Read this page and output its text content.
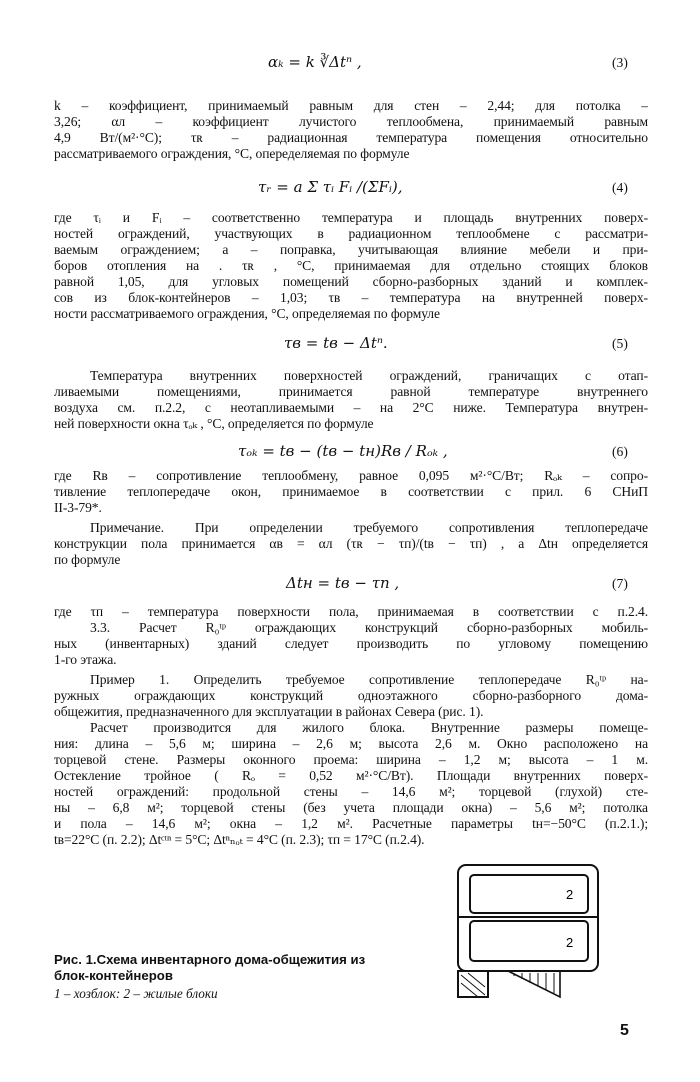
αₖ = k ∛Δtⁿ ,	(3)
k – коэффициент, принимаемый равным для стен – 2,44; для потолка –
3,26; αл – коэффициент лучистого теплообмена, принимаемый равным
4,9 Вт/(м²·°С); τʀ – радиационная температура помещения относительно
рассматриваемого ограждения, °С, опеределяемая по формуле
τᵣ = a Σ τᵢ Fᵢ /(ΣFᵢ),	(4)
где τᵢ и Fᵢ – соответственно температура и площадь внутренних поверх-
ностей ограждений, участвующих в радиационном теплообмене с рассматри-
ваемым ограждением; a – поправка, учитывающая влияние мебели и при-
боров отопления на . τʀ , °С, принимаемая для отдельно стоящих блоков
равной 1,05, для угловых помещений сборно-разборных зданий и комплек-
сов из блок-контейнеров – 1,03; τв – температура на внутренней поверх-
ности рассматриваемого ограждения, °С, определяемая по формуле
τв = tв − Δtⁿ.	(5)
Температура внутренних поверхностей ограждений, граничащих с отап-
ливаемыми помещениями, принимается равной температуре внутреннего
воздуха см. п.2.2, с неотапливаемыми – на 2°С ниже. Температура внутрен-
ней поверхности окна τₒₖ , °С, определяется по формуле
τₒₖ = tв − (tв − tн)Rв / Rₒₖ ,	(6)
где Rв – сопротивление теплообмену, равное 0,095 м²·°С/Вт; Rₒₖ – сопро-
тивление теплопередаче окон, принимаемое в соответствии с прил. 6 СНиП
II-3-79*.
Примечание. При определении требуемого сопротивления теплопередаче
конструкции пола принимается αв = αл (τʀ − τп)/(tв − τп) , а Δtн определяется
по формуле
Δtн = tв − τп ,	(7)
где τп – температура поверхности пола, принимаемая в соответствии с п.2.4.
3.3. Расчет R₀ᵗᵖ ограждающих конструкций сборно-разборных мобиль-
ных (инвентарных) зданий следует производить по угловому помещению
1-го этажа.
Пример 1. Определить требуемое сопротивление теплопередаче R₀ᵗᵖ на-
ружных ограждающих конструкций одноэтажного сборно-разборного дома-
общежития, предназначенного для эксплуатации в районах Севера (рис. 1).
Расчет производится для жилого блока. Внутренние размеры помеще-
ния: длина – 5,6 м; ширина – 2,6 м; высота 2,6 м. Окно расположено на
торцевой стене. Размеры оконного проема: ширина – 1,2 м; высота – 1 м.
Остекление тройное ( Rₒ = 0,52 м²·°С/Вт). Площади внутренних поверх-
ностей ограждений: продольной стены – 14,6 м²; торцевой (глухой) сте-
ны – 6,8 м²; торцевой стены (без учета площади окна) – 5,6 м²; потолка
и пола – 14,6 м²; окна – 1,2 м². Расчетные параметры tн=−50°С (п.2.1.);
tв=22°С (п. 2.2); Δtᶜᵗⁿ = 5°С; Δtⁿₙₒₜ = 4°С (п. 2.3); τп = 17°С (п.2.4).
2
2
Рис. 1.Схема инвентарного дома-общежития из
блок-контейнеров
1 – хозблок: 2 – жилые блоки
5
